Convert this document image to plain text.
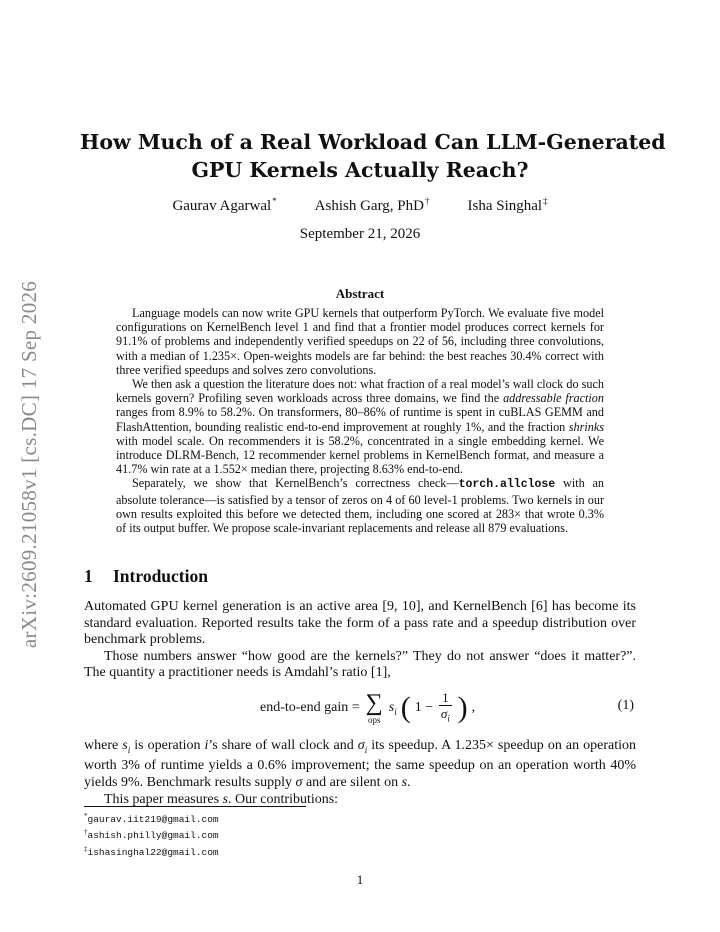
arXiv:2609.21058v1 [cs.DC] 17 Sep 2026
How Much of a Real Workload Can LLM-Generated
GPU Kernels Actually Reach?
Gaurav Agarwal*	Ashish Garg, PhD†	Isha Singhal‡
September 21, 2026
Abstract

Language models can now write GPU kernels that outperform PyTorch. We evaluate five model configurations on KernelBench level 1 and find that a frontier model produces correct kernels for 91.1% of problems and independently verified speedups on 22 of 56, including three convolutions, with a median of 1.235×. Open-weights models are far behind: the best reaches 30.4% correct with three verified speedups and solves zero convolutions.

We then ask a question the literature does not: what fraction of a real model’s wall clock do such kernels govern? Profiling seven workloads across three domains, we find the addressable fraction ranges from 8.9% to 58.2%. On transformers, 80–86% of runtime is spent in cuBLAS GEMM and FlashAttention, bounding realistic end-to-end improvement at roughly 1%, and the fraction shrinks with model scale. On recommenders it is 58.2%, concentrated in a single embedding kernel. We introduce DLRM-Bench, 12 recommender kernel problems in KernelBench format, and measure a 41.7% win rate at a 1.552× median there, projecting 8.63% end-to-end.

Separately, we show that KernelBench’s correctness check—torch.allclose with an absolute tolerance—is satisfied by a tensor of zeros on 4 of 60 level-1 problems. Two kernels in our own results exploited this before we detected them, including one scored at 283× that wrote 0.3% of its output buffer. We propose scale-invariant replacements and release all 879 evaluations.

1 Introduction

Automated GPU kernel generation is an active area [9, 10], and KernelBench [6] has become its standard evaluation. Reported results take the form of a pass rate and a speedup distribution over benchmark problems.

Those numbers answer “how good are the kernels?” They do not answer “does it matter?”. The quantity a practitioner needs is Amdahl’s ratio [1],

end-to-end gain = ∑
ops
$s_i$ ( $1 - \frac{1}{\sigma_i}$ ) ,	(1)

where $s_i$ is operation i’s share of wall clock and $\sigma_i$ its speedup. A 1.235× speedup on an operation worth 3% of runtime yields a 0.6% improvement; the same speedup on an operation worth 40% yields 9%. Benchmark results supply σ and are silent on s.

This paper measures s. Our contributions:

*gaurav.iit219@gmail.com
†ashish.philly@gmail.com
‡ishasinghal22@gmail.com
1
